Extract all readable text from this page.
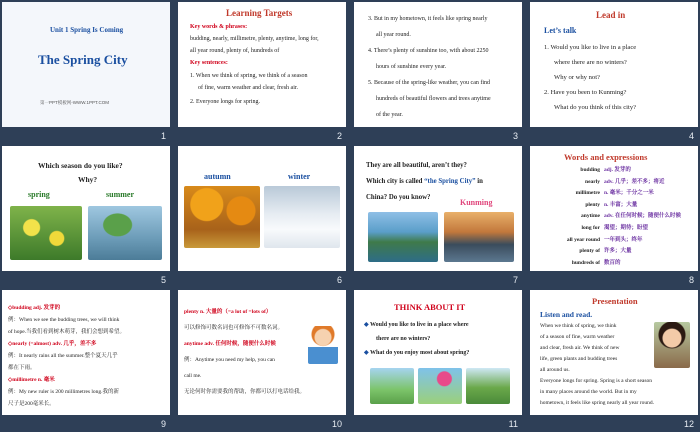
Unit 1 Spring Is Coming
The Spring City
第一PPT模板网-WWW.1PPT.COM
1
Learning Targets
Key words & phrases:
budding, nearly, millimetre, plenty, anytime, long for,
all year round, plenty of, hundreds of
Key sentences:
1. When we think of spring, we think of a season
of fine, warm weather and clear, fresh air.
2. Everyone longs for spring.
2
3. But in my hometown, it feels like spring nearly
all year round.
4. There’s plenty of sunshine too, with about 2250
hours of sunshine every year.
5. Because of the spring-like weather, you can find
hundreds of beautiful flowers and trees anytime
of the year.
3
Lead in
Let’s talk
1. Would you like to live in a place
where there are no winters?
Why or why not?
2. Have you been to Kunming?
What do you think of this city?
4
Which season do you like?
Why?
spring	summer
5
autumn	winter
6
They are all beautiful, aren’t they?
Which city is called “the Spring City” in
China? Do you know?
Kunming
7
Words and expressions
budding adj. 发芽的
nearly adv. 几乎；差不多；将近
millimetre n. 毫米；千分之一米
plenty n. 丰富；大量
anytime adv. 在任何时候；随便什么时候
long for 渴望；期待；盼望
all year round 一年到头；终年
plenty of 许多；大量
hundreds of 数百的
8
◇budding adj. 发芽的
例：When we see the budding trees, we will think
of hope.当我们看到树木萌芽，我们会想到希望。
◇nearly (=almost) adv. 几乎，差不多
例：It nearly rains all the summer.整个夏天几乎
都在下雨。
◇millimetre n. 毫米
例：My new ruler is 200 millimetres long.我的新
尺子是200毫米长。
9
plenty n. 大量的（=a lot of =lots of）
可以修饰可数名词也可修饰不可数名词。
anytime adv. 任何时候，随便什么时候
例：Anytime you need my help, you can
call me.
无论何时你需要我的帮助，你都可以打电话给我。
10
THINK ABOUT IT
◆ Would you like to live in a place where
there are no winters?
◆ What do you enjoy most about spring?
11
Presentation
Listen and read.
When we think of spring, we think
of a season of fine, warm weather
and clear, fresh air. We think of new
life, green plants and budding trees
all around us.
Everyone longs for spring. Spring is a short season
in many places around the world. But in my
hometown, it feels like spring nearly all year round.
12
